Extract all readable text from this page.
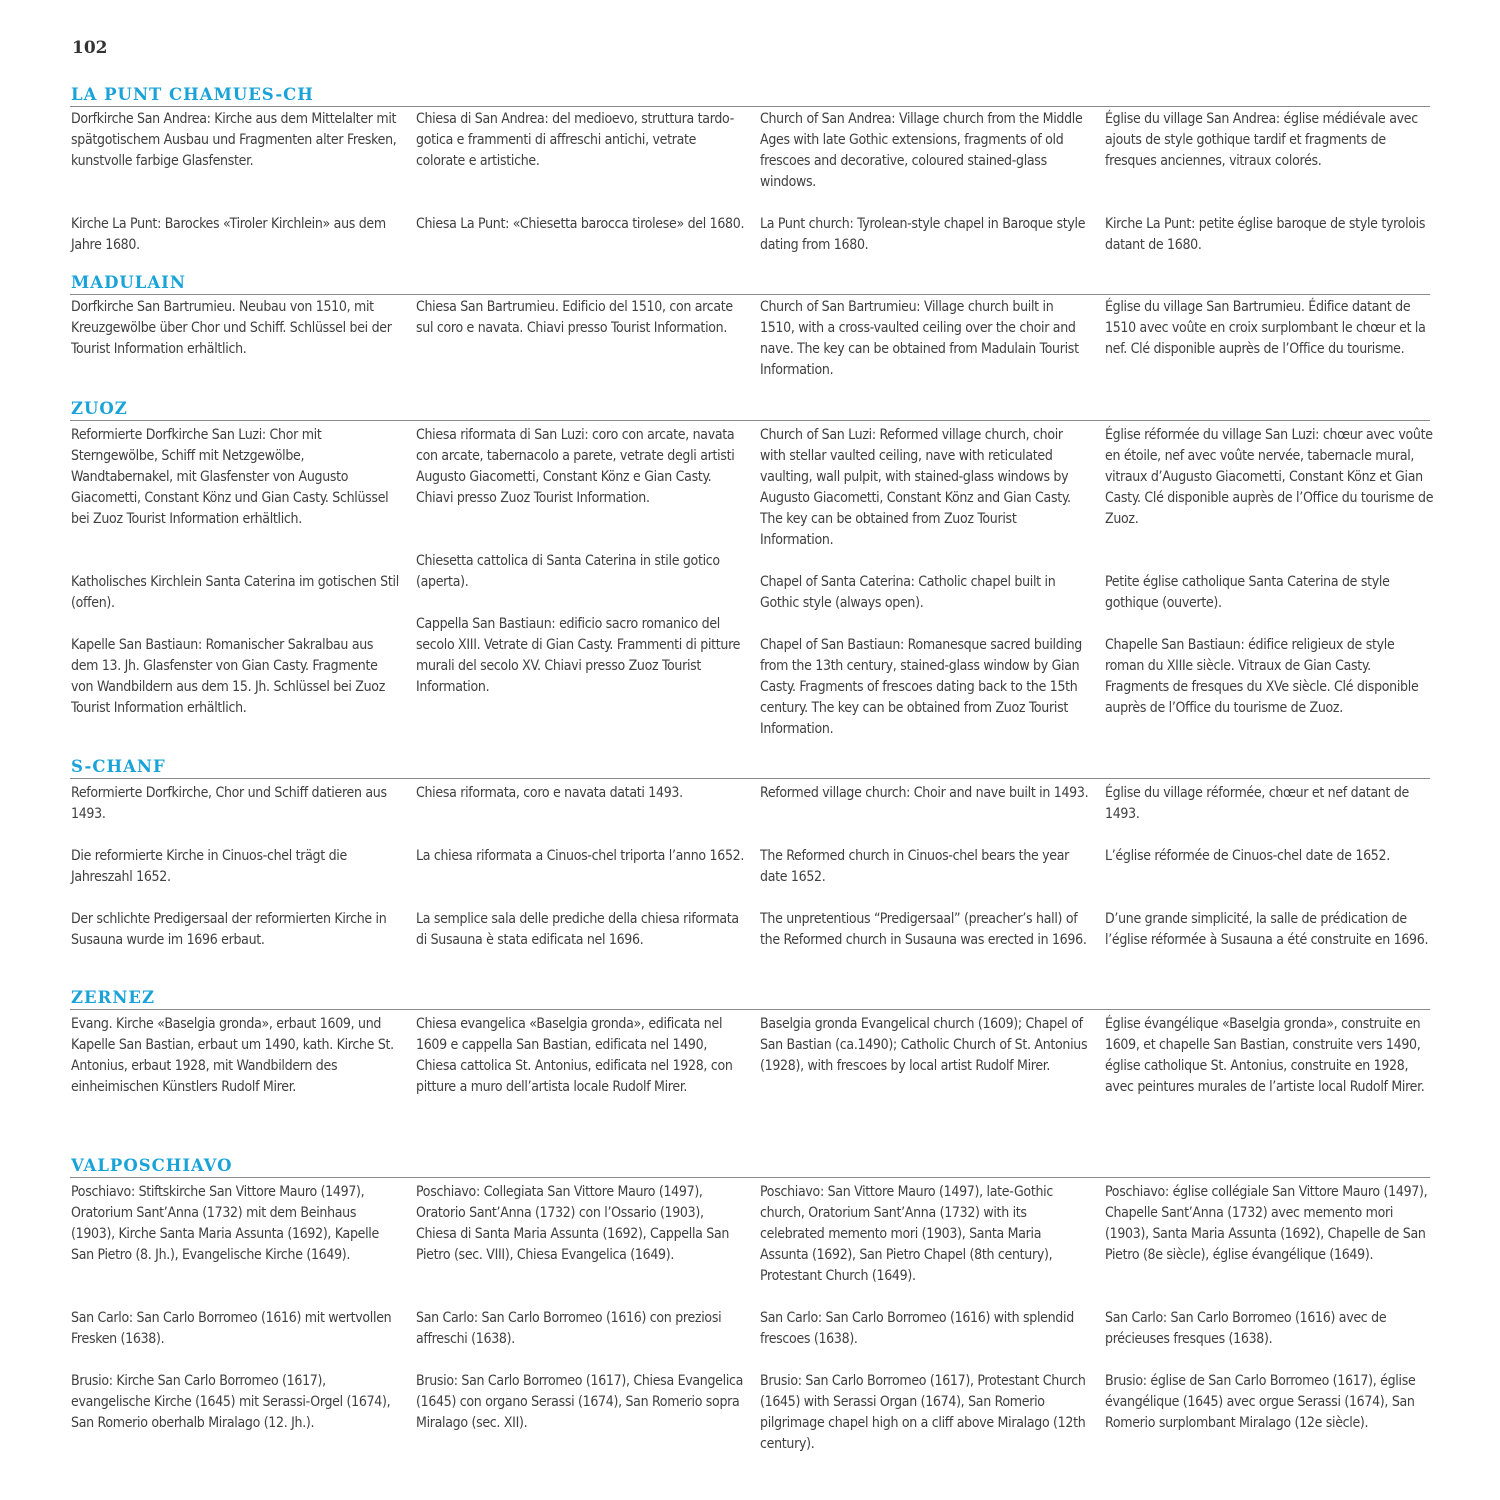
102
LA PUNT CHAMUES-CH

Dorfkirche San Andrea: Kirche aus dem Mittelalter mit spätgotischem Ausbau und Fragmenten alter Fresken, kunstvolle farbige Glasfenster.

Kirche La Punt: Barockes «Tiroler Kirchlein» aus dem Jahre 1680.

Chiesa di San Andrea: del medioevo, struttura tardo-gotica e frammenti di affreschi antichi, vetrate colorate e artistiche.

Chiesa La Punt: «Chiesetta barocca tirolese» del 1680.

Church of San Andrea: Village church from the Middle Ages with late Gothic extensions, fragments of old frescoes and decorative, coloured stained-glass windows.

La Punt church: Tyrolean-style chapel in Baroque style dating from 1680.

Église du village San Andrea: église médiévale avec ajouts de style gothique tardif et fragments de fresques anciennes, vitraux colorés.

Kirche La Punt: petite église baroque de style tyrolois datant de 1680.

MADULAIN

Dorfkirche San Bartrumieu. Neubau von 1510, mit Kreuzgewölbe über Chor und Schiff. Schlüssel bei der Tourist Information erhältlich.

Chiesa San Bartrumieu. Edificio del 1510, con arcate sul coro e navata. Chiavi presso Tourist Information.

Church of San Bartrumieu: Village church built in 1510, with a cross-vaulted ceiling over the choir and nave. The key can be obtained from Madulain Tourist Information.

Église du village San Bartrumieu. Édifice datant de 1510 avec voûte en croix surplombant le chœur et la nef. Clé disponible auprès de l’Office du tourisme.

ZUOZ

Reformierte Dorfkirche San Luzi: Chor mit Sterngewölbe, Schiff mit Netzgewölbe, Wandtabernakel, mit Glasfenster von Augusto Giacometti, Constant Könz und Gian Casty. Schlüssel bei Zuoz Tourist Information erhältlich.

Katholisches Kirchlein Santa Caterina im gotischen Stil (offen).

Kapelle San Bastiaun: Romanischer Sakralbau aus dem 13. Jh. Glasfenster von Gian Casty. Fragmente von Wandbildern aus dem 15. Jh. Schlüssel bei Zuoz Tourist Information erhältlich.

Chiesa riformata di San Luzi: coro con arcate, navata con arcate, tabernacolo a parete, vetrate degli artisti Augusto Giacometti, Constant Könz e Gian Casty. Chiavi presso Zuoz Tourist Information.

Chiesetta cattolica di Santa Caterina in stile gotico (aperta).

Cappella San Bastiaun: edificio sacro romanico del secolo XIII. Vetrate di Gian Casty. Frammenti di pitture murali del secolo XV. Chiavi presso Zuoz Tourist Information.

Church of San Luzi: Reformed village church, choir with stellar vaulted ceiling, nave with reticulated vaulting, wall pulpit, with stained-glass windows by Augusto Giacometti, Constant Könz and Gian Casty. The key can be obtained from Zuoz Tourist Information.

Chapel of Santa Caterina: Catholic chapel built in Gothic style (always open).

Chapel of San Bastiaun: Romanesque sacred building from the 13th century, stained-glass window by Gian Casty. Fragments of frescoes dating back to the 15th century. The key can be obtained from Zuoz Tourist Information.

Église réformée du village San Luzi: chœur avec voûte en étoile, nef avec voûte nervée, tabernacle mural, vitraux d’Augusto Giacometti, Constant Könz et Gian Casty. Clé disponible auprès de l’Office du tourisme de Zuoz.

Petite église catholique Santa Caterina de style gothique (ouverte).

Chapelle San Bastiaun: édifice religieux de style roman du XIIIe siècle. Vitraux de Gian Casty. Fragments de fresques du XVe siècle. Clé disponible auprès de l’Office du tourisme de Zuoz.

S-CHANF

Reformierte Dorfkirche, Chor und Schiff datieren aus 1493.

Die reformierte Kirche in Cinuos-chel trägt die Jahreszahl 1652.

Der schlichte Predigersaal der reformierten Kirche in Susauna wurde im 1696 erbaut.

Chiesa riformata, coro e navata datati 1493.

La chiesa riformata a Cinuos-chel triporta l’anno 1652.

La semplice sala delle prediche della chiesa riformata di Susauna è stata edificata nel 1696.

Reformed village church: Choir and nave built in 1493.

The Reformed church in Cinuos-chel bears the year date 1652.

The unpretentious “Predigersaal” (preacher’s hall) of the Reformed church in Susauna was erected in 1696.

Église du village réformée, chœur et nef datant de 1493.

L’église réformée de Cinuos-chel date de 1652.

D’une grande simplicité, la salle de prédication de l’église réformée à Susauna a été construite en 1696.

ZERNEZ

Evang. Kirche «Baselgia gronda», erbaut 1609, und Kapelle San Bastian, erbaut um 1490, kath. Kirche St. Antonius, erbaut 1928, mit Wandbildern des einheimischen Künstlers Rudolf Mirer.

Chiesa evangelica «Baselgia gronda», edificata nel 1609 e cappella San Bastian, edificata nel 1490, Chiesa cattolica St. Antonius, edificata nel 1928, con pitture a muro dell’artista locale Rudolf Mirer.

Baselgia gronda Evangelical church (1609); Chapel of San Bastian (ca.1490); Catholic Church of St. Antonius (1928), with frescoes by local artist Rudolf Mirer.

Église évangélique «Baselgia gronda», construite en 1609, et chapelle San Bastian, construite vers 1490, église catholique St. Antonius, construite en 1928, avec peintures murales de l’artiste local Rudolf Mirer.

VALPOSCHIAVO

Poschiavo: Stiftskirche San Vittore Mauro (1497), Oratorium Sant’Anna (1732) mit dem Beinhaus (1903), Kirche Santa Maria Assunta (1692), Kapelle San Pietro (8. Jh.), Evangelische Kirche (1649).

San Carlo: San Carlo Borromeo (1616) mit wertvollen Fresken (1638).

Brusio: Kirche San Carlo Borromeo (1617), evangelische Kirche (1645) mit Serassi-Orgel (1674), San Romerio oberhalb Miralago (12. Jh.).

Poschiavo: Collegiata San Vittore Mauro (1497), Oratorio Sant’Anna (1732) con l’Ossario (1903), Chiesa di Santa Maria Assunta (1692), Cappella San Pietro (sec. VIII), Chiesa Evangelica (1649).

San Carlo: San Carlo Borromeo (1616) con preziosi affreschi (1638).

Brusio: San Carlo Borromeo (1617), Chiesa Evangelica (1645) con organo Serassi (1674), San Romerio sopra Miralago (sec. XII).

Poschiavo: San Vittore Mauro (1497), late-Gothic church, Oratorium Sant’Anna (1732) with its celebrated memento mori (1903), Santa Maria Assunta (1692), San Pietro Chapel (8th century), Protestant Church (1649).

San Carlo: San Carlo Borromeo (1616) with splendid frescoes (1638).

Brusio: San Carlo Borromeo (1617), Protestant Church (1645) with Serassi Organ (1674), San Romerio pilgrimage chapel high on a cliff above Miralago (12th century).

Poschiavo: église collégiale San Vittore Mauro (1497), Chapelle Sant’Anna (1732) avec memento mori (1903), Santa Maria Assunta (1692), Chapelle de San Pietro (8e siècle), église évangélique (1649).

San Carlo: San Carlo Borromeo (1616) avec de précieuses fresques (1638).

Brusio: église de San Carlo Borromeo (1617), église évangélique (1645) avec orgue Serassi (1674), San Romerio surplombant Miralago (12e siècle).
